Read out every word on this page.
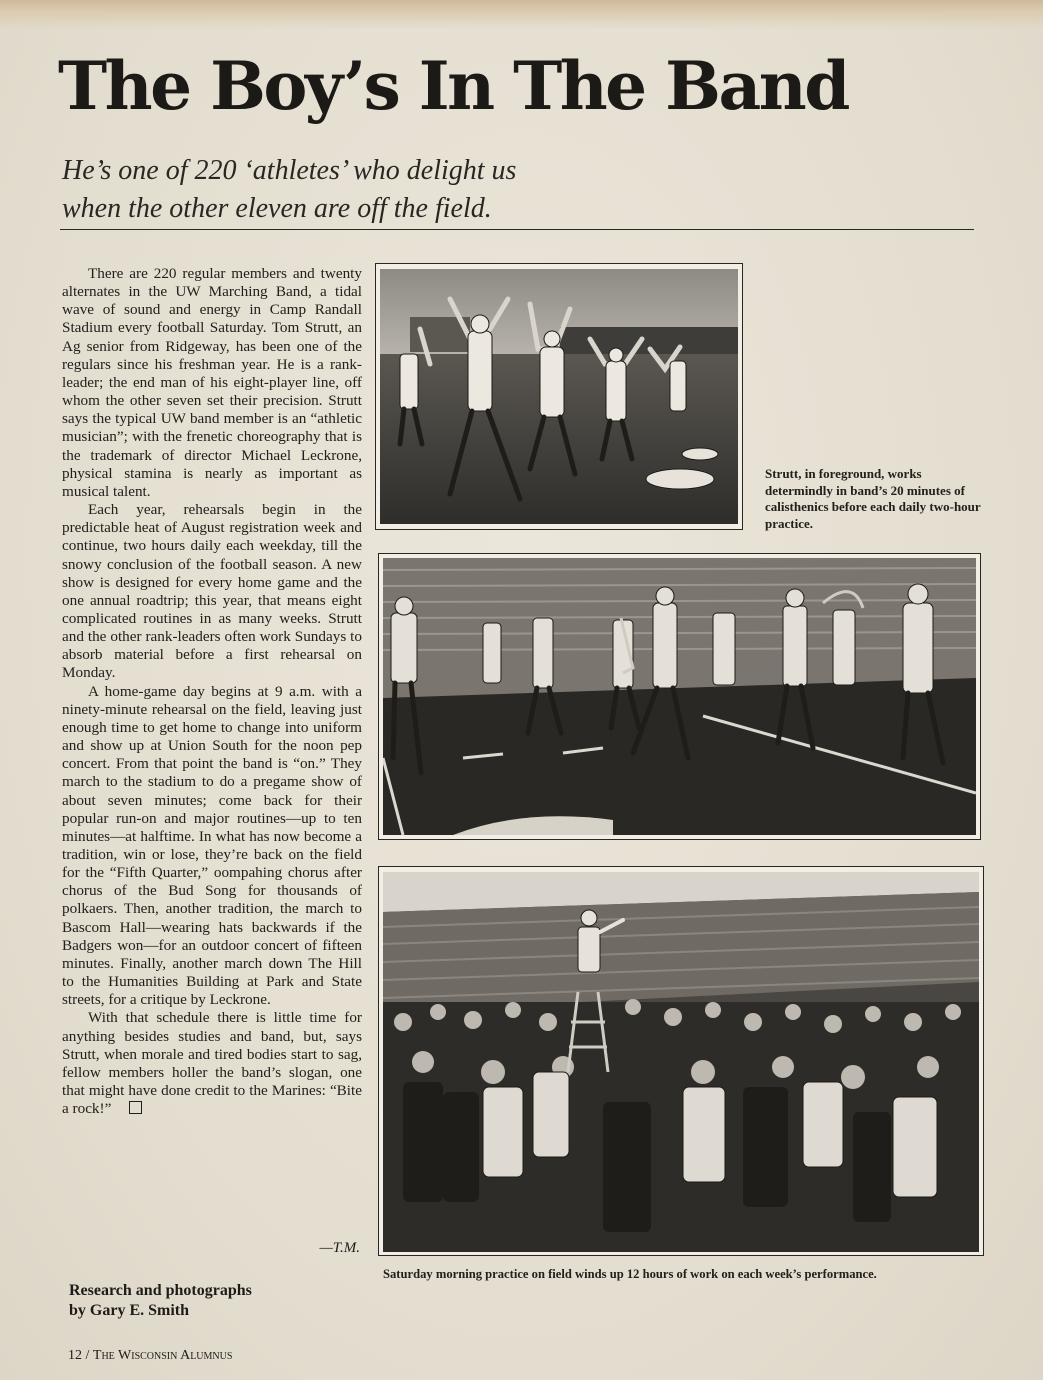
The Boy’s In The Band
He’s one of 220 ‘athletes’ who delight us
when the other eleven are off the field.

There are 220 regular members and twenty alternates in the UW Marching Band, a tidal wave of sound and energy in Camp Randall Stadium every football Saturday. Tom Strutt, an Ag senior from Ridgeway, has been one of the regulars since his freshman year. He is a rank-leader; the end man of his eight-player line, off whom the other seven set their precision. Strutt says the typical UW band member is an “athletic musician”; with the frenetic choreography that is the trademark of director Michael Leckrone, physical stamina is nearly as important as musical talent.

Each year, rehearsals begin in the predictable heat of August registration week and continue, two hours daily each weekday, till the snowy conclusion of the football season. A new show is designed for every home game and the one annual roadtrip; this year, that means eight complicated routines in as many weeks. Strutt and the other rank-leaders often work Sundays to absorb material before a first rehearsal on Monday.

A home-game day begins at 9 a.m. with a ninety-minute rehearsal on the field, leaving just enough time to get home to change into uniform and show up at Union South for the noon pep concert. From that point the band is “on.” They march to the stadium to do a pregame show of about seven minutes; come back for their popular run-on and major routines—up to ten minutes—at halftime. In what has now become a tradition, win or lose, they’re back on the field for the “Fifth Quarter,” oompahing chorus after chorus of the Bud Song for thousands of polkaers. Then, another tradition, the march to Bascom Hall—wearing hats backwards if the Badgers won—for an outdoor concert of fifteen minutes. Finally, another march down The Hill to the Humanities Building at Park and State streets, for a critique by Leckrone.

With that schedule there is little time for anything besides studies and band, but, says Strutt, when morale and tired bodies start to sag, fellow members holler the band’s slogan, one that might have done credit to the Marines: “Bite a rock!”

—T.M.
Research and photographs
by Gary E. Smith
12 / The Wisconsin Alumnus
Strutt, in foreground, works determindly in band’s 20 minutes of calisthenics before each daily two-hour practice.
Saturday morning practice on field winds up 12 hours of work on each week’s performance.
